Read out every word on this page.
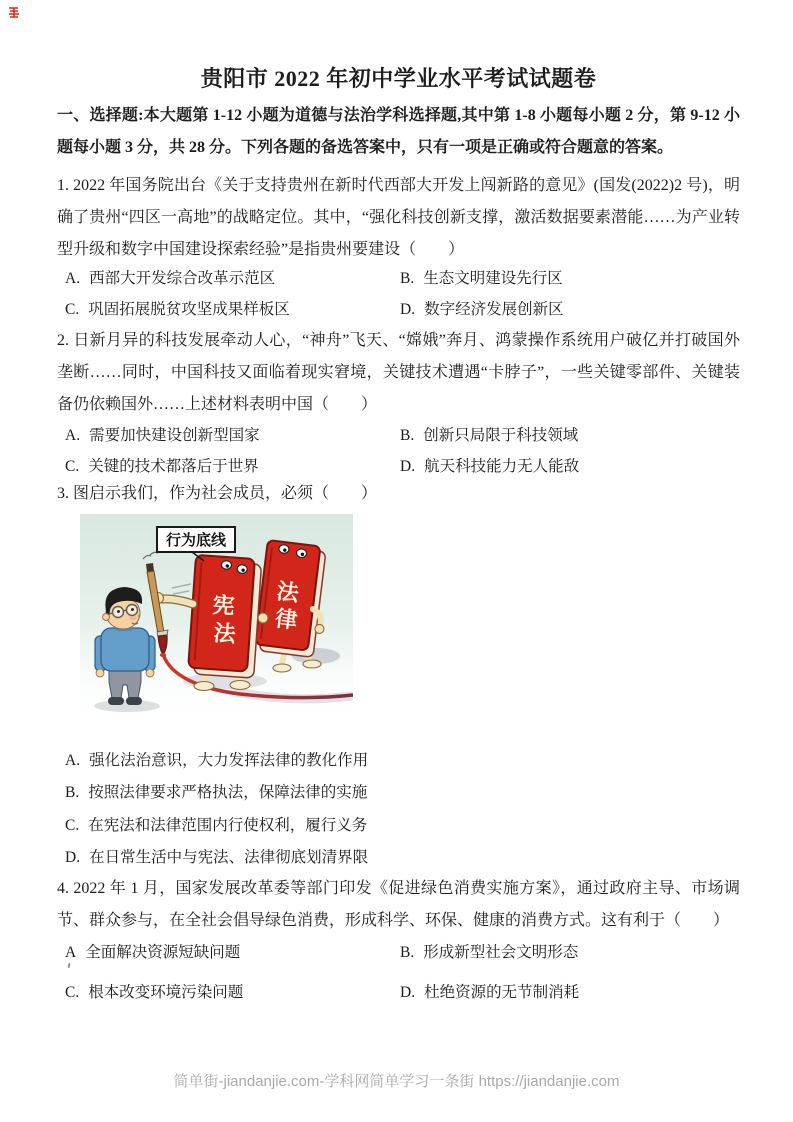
贵阳市 2022 年初中学业水平考试试题卷
一、选择题:本大题第 1-12 小题为道德与法治学科选择题,其中第 1-8 小题每小题 2 分，第 9-12 小题每小题 3 分，共 28 分。下列各题的备选答案中，只有一项是正确或符合题意的答案。
1. 2022 年国务院出台《关于支持贵州在新时代西部大开发上闯新路的意见》(国发(2022)2 号)，明确了贵州“四区一高地”的战略定位。其中，“强化科技创新支撑，激活数据要素潜能……为产业转型升级和数字中国建设探索经验”是指贵州要建设（　　）
A. 西部大开发综合改革示范区	B. 生态文明建设先行区
C. 巩固拓展脱贫攻坚成果样板区	D. 数字经济发展创新区
2. 日新月异的科技发展牵动人心，“神舟”飞天、“嫦娥”奔月、鸿蒙操作系统用户破亿并打破国外垄断……同时，中国科技又面临着现实窘境，关键技术遭遇“卡脖子”，一些关键零部件、关键装备仍依赖国外……上述材料表明中国（　　）
A. 需要加快建设创新型国家	B. 创新只局限于科技领域
C. 关键的技术都落后于世界	D. 航天科技能力无人能敌
3. 图启示我们，作为社会成员，必须（　　）
法
律
宪
法
行为底线
A. 强化法治意识，大力发挥法律的教化作用
B. 按照法律要求严格执法，保障法律的实施
C. 在宪法和法律范围内行使权利，履行义务
D. 在日常生活中与宪法、法律彻底划清界限
4. 2022 年 1 月，国家发展改革委等部门印发《促进绿色消费实施方案》，通过政府主导、市场调节、群众参与，在全社会倡导绿色消费，形成科学、环保、健康的消费方式。这有利于（　　）
A 全面解决资源短缺问题	B. 形成新型社会文明形态
C. 根本改变环境污染问题	D. 杜绝资源的无节制消耗
简单街-jiandanjie.com-学科网简单学习一条街 https://jiandanjie.com
